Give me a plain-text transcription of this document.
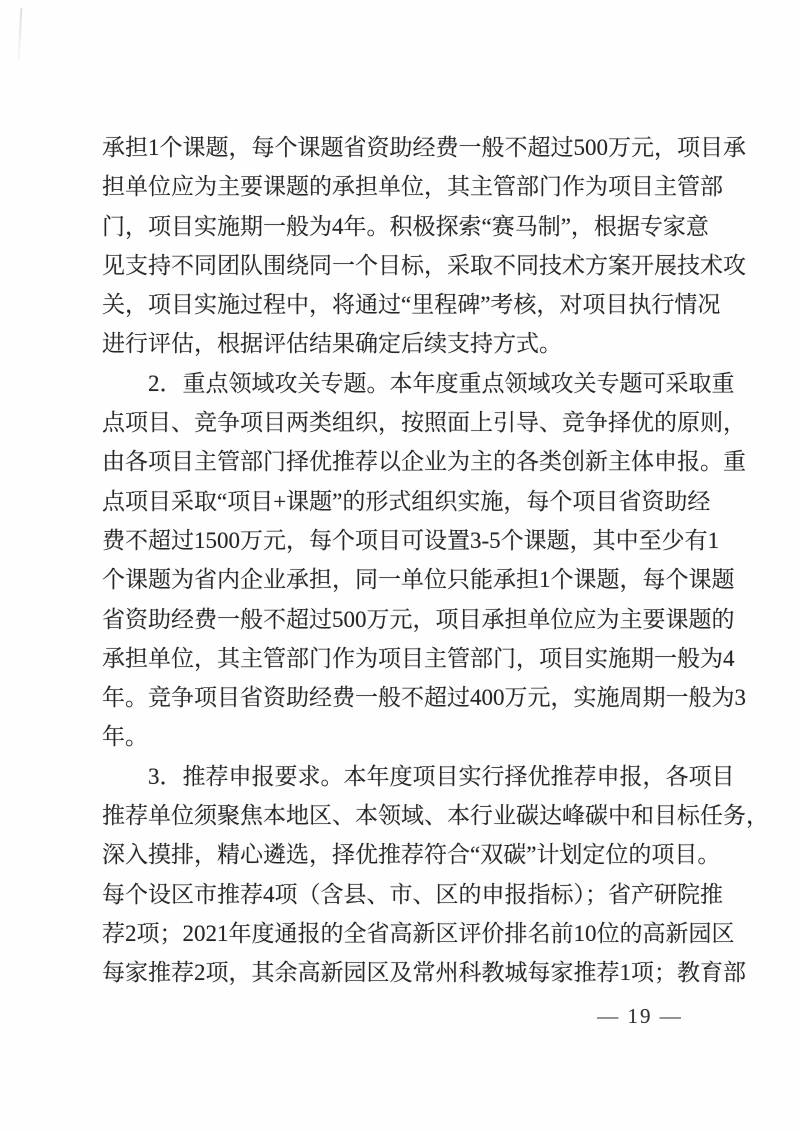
承担1个课题，每个课题省资助经费一般不超过500万元，项目承
担单位应为主要课题的承担单位，其主管部门作为项目主管部
门，项目实施期一般为4年。积极探索“赛马制”，根据专家意
见支持不同团队围绕同一个目标，采取不同技术方案开展技术攻
关，项目实施过程中，将通过“里程碑”考核，对项目执行情况
进行评估，根据评估结果确定后续支持方式。
2．重点领域攻关专题。本年度重点领域攻关专题可采取重
点项目、竞争项目两类组织，按照面上引导、竞争择优的原则，
由各项目主管部门择优推荐以企业为主的各类创新主体申报。重
点项目采取“项目+课题”的形式组织实施，每个项目省资助经
费不超过1500万元，每个项目可设置3-5个课题，其中至少有1
个课题为省内企业承担，同一单位只能承担1个课题，每个课题
省资助经费一般不超过500万元，项目承担单位应为主要课题的
承担单位，其主管部门作为项目主管部门，项目实施期一般为4
年。竞争项目省资助经费一般不超过400万元，实施周期一般为3
年。
3．推荐申报要求。本年度项目实行择优推荐申报，各项目
推荐单位须聚焦本地区、本领域、本行业碳达峰碳中和目标任务，
深入摸排，精心遴选，择优推荐符合“双碳”计划定位的项目。
每个设区市推荐4项（含县、市、区的申报指标）；省产研院推
荐2项；2021年度通报的全省高新区评价排名前10位的高新园区
每家推荐2项，其余高新园区及常州科教城每家推荐1项；教育部
— 19 —
